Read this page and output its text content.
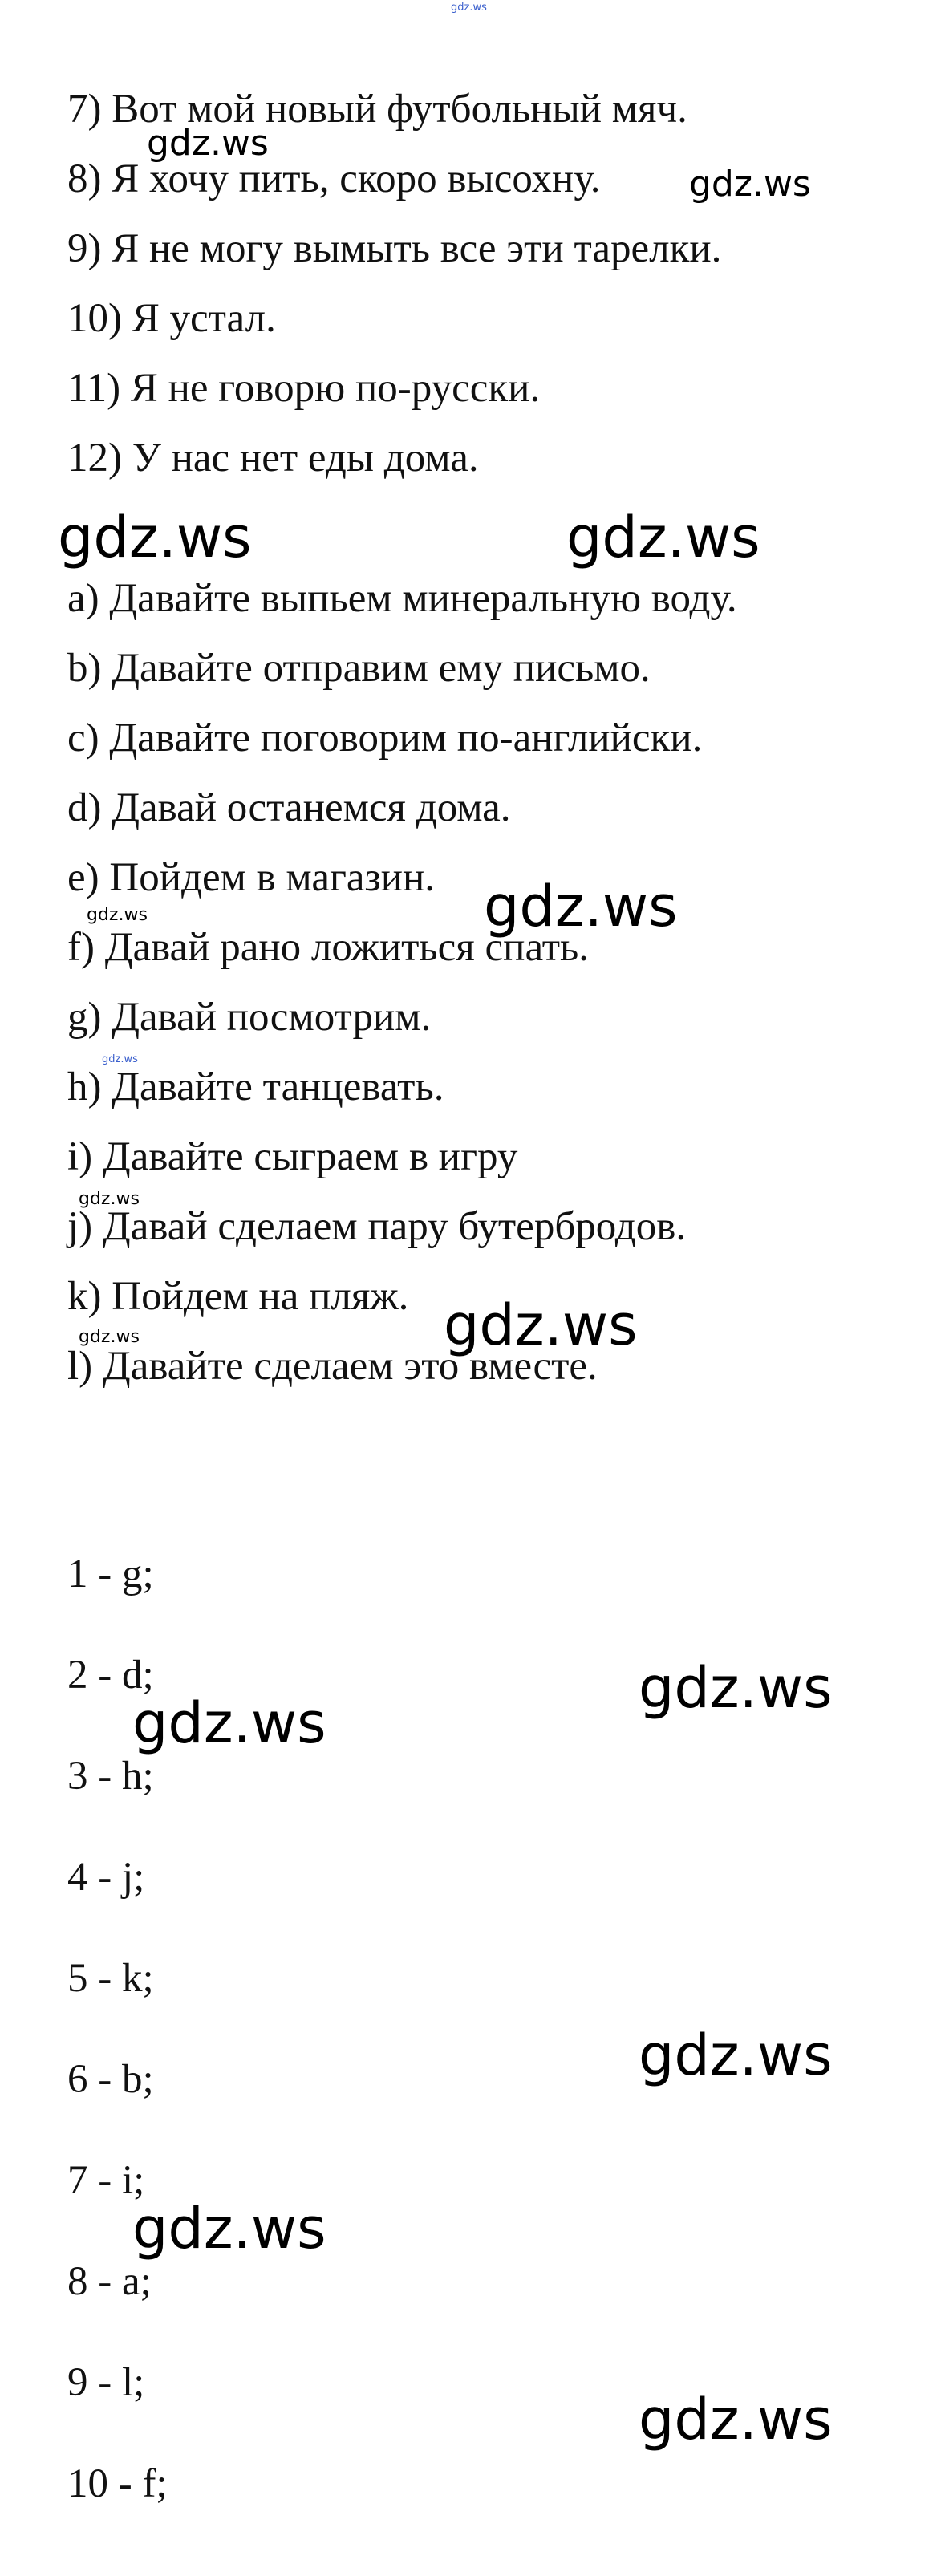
gdz.ws
7) Вот мой новый футбольный мяч.
8) Я хочу пить, скоро высохну.
9) Я не могу вымыть все эти тарелки.
10) Я устал.
11) Я не говорю по-русски.
12) У нас нет еды дома.
a) Давайте выпьем минеральную воду.
b) Давайте отправим ему письмо.
c) Давайте поговорим по-английски.
d) Давай останемся дома.
e) Пойдем в магазин.
f) Давай рано ложиться спать.
g) Давай посмотрим.
h) Давайте танцевать.
i) Давайте сыграем в игру
j) Давай сделаем пару бутербродов.
k) Пойдем на пляж.
l) Давайте сделаем это вместе.
1 - g;
2 - d;
3 - h;
4 - j;
5 - k;
6 - b;
7 - i;
8 - a;
9 - l;
10 - f;
gdz.ws
gdz.ws
gdz.ws	gdz.ws
gdz.ws
gdz.ws
gdz.ws
gdz.ws
gdz.ws
gdz.ws
gdz.ws
gdz.ws
gdz.ws
gdz.ws
gdz.ws
